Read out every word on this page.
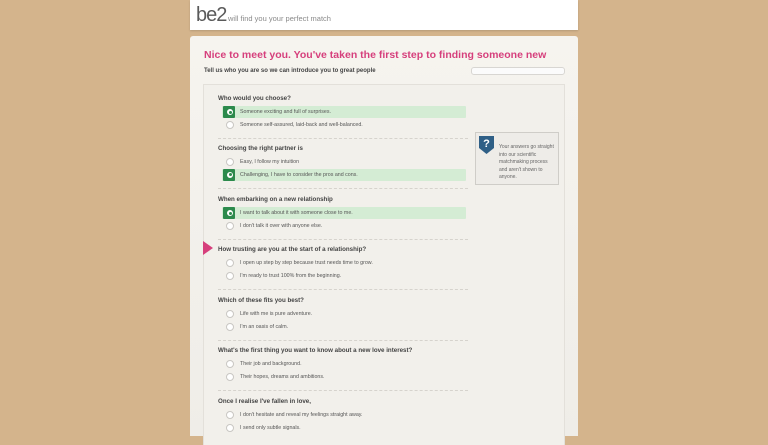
be2 will find you your perfect match
Nice to meet you. You've taken the first step to finding someone new
Tell us who you are so we can introduce you to great people
? Your answers go straight into our scientific matchmaking process and aren't shown to anyone.
Who would you choose?
Someone exciting and full of surprises.
Someone self-assured, laid-back and well-balanced.
Choosing the right partner is
Easy, I follow my intuition
Challenging, I have to consider the pros and cons.
When embarking on a new relationship
I want to talk about it with someone close to me.
I don't talk it over with anyone else.
How trusting are you at the start of a relationship?
I open up step by step because trust needs time to grow.
I'm ready to trust 100% from the beginning.
Which of these fits you best?
Life with me is pure adventure.
I'm an oasis of calm.
What's the first thing you want to know about a new love interest?
Their job and background.
Their hopes, dreams and ambitions.
Once I realise I've fallen in love,
I don't hesitate and reveal my feelings straight away.
I send only subtle signals.
